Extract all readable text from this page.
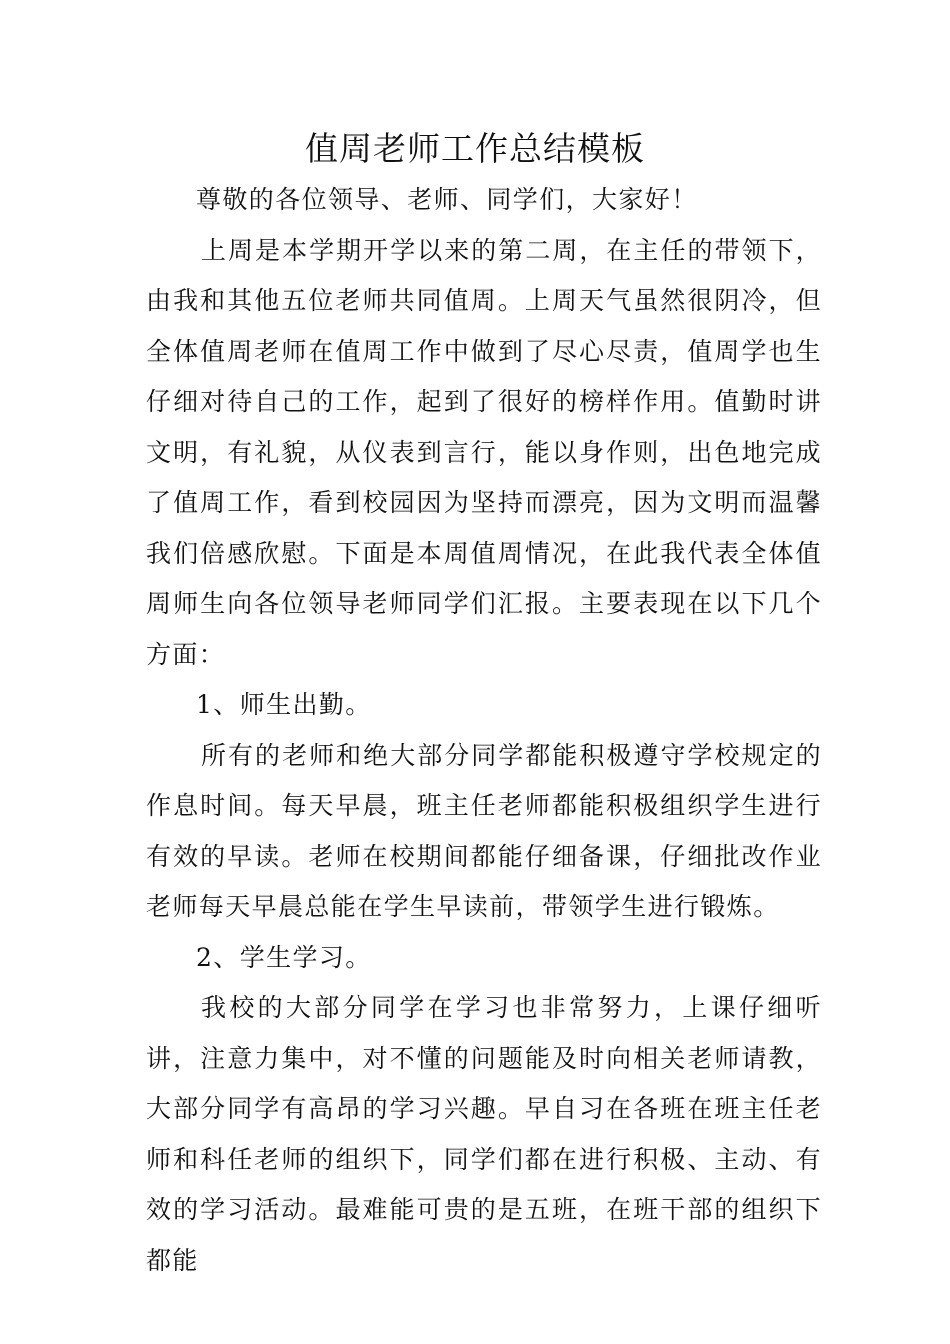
值周老师工作总结模板

尊敬的各位领导、老师、同学们，大家好！

上周是本学期开学以来的第二周，在主任的带领下，由我和其他五位老师共同值周。上周天气虽然很阴冷，但全体值周老师在值周工作中做到了尽心尽责，值周学也生仔细对待自己的工作，起到了很好的榜样作用。值勤时讲文明，有礼貌，从仪表到言行，能以身作则，出色地完成了值周工作，看到校园因为坚持而漂亮，因为文明而温馨我们倍感欣慰。下面是本周值周情况，在此我代表全体值周师生向各位领导老师同学们汇报。主要表现在以下几个方面：

1、师生出勤。

所有的老师和绝大部分同学都能积极遵守学校规定的作息时间。每天早晨，班主任老师都能积极组织学生进行有效的早读。老师在校期间都能仔细备课，仔细批改作业老师每天早晨总能在学生早读前，带领学生进行锻炼。

2、学生学习。

我校的大部分同学在学习也非常努力，上课仔细听讲，注意力集中，对不懂的问题能及时向相关老师请教，大部分同学有高昂的学习兴趣。早自习在各班在班主任老师和科任老师的组织下，同学们都在进行积极、主动、有效的学习活动。最难能可贵的是五班，在班干部的组织下都能
